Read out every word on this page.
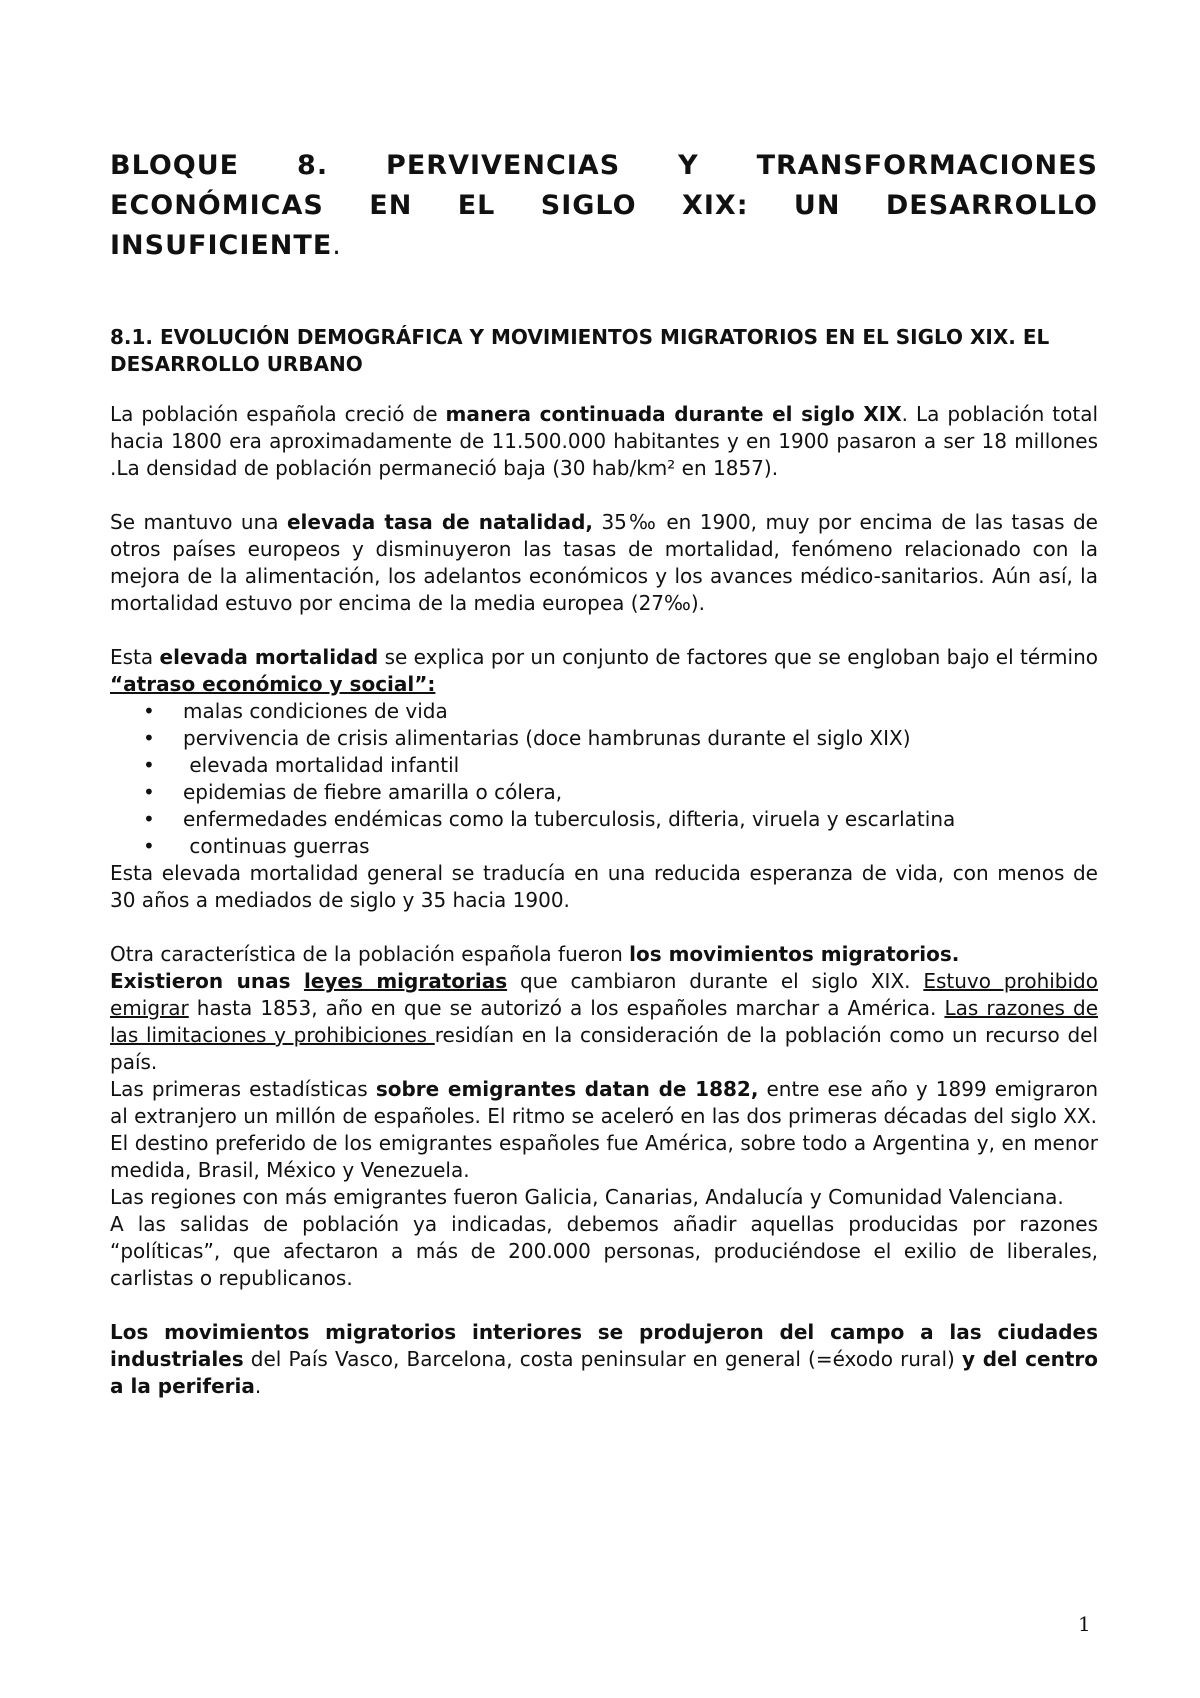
BLOQUE 8. PERVIVENCIAS Y TRANSFORMACIONES ECONÓMICAS EN EL SIGLO XIX: UN DESARROLLO INSUFICIENTE.
8.1. EVOLUCIÓN DEMOGRÁFICA Y MOVIMIENTOS MIGRATORIOS EN EL SIGLO XIX. EL DESARROLLO URBANO

La población española creció de manera continuada durante el siglo XIX. La población total hacia 1800 era aproximadamente de 11.500.000 habitantes y en 1900 pasaron a ser 18 millones .La densidad de población permaneció baja (30 hab/km² en 1857).

Se mantuvo una elevada tasa de natalidad, 35‰ en 1900, muy por encima de las tasas de otros países europeos y disminuyeron las tasas de mortalidad, fenómeno relacionado con la mejora de la alimentación, los adelantos económicos y los avances médico-sanitarios. Aún así, la mortalidad estuvo por encima de la media europea (27‰).

Esta elevada mortalidad se explica por un conjunto de factores que se engloban bajo el término “atraso económico y social”:

• malas condiciones de vida
• pervivencia de crisis alimentarias (doce hambrunas durante el siglo XIX)
• elevada mortalidad infantil
• epidemias de fiebre amarilla o cólera,
• enfermedades endémicas como la tuberculosis, difteria, viruela y escarlatina
• continuas guerras

Esta elevada mortalidad general se traducía en una reducida esperanza de vida, con menos de 30 años a mediados de siglo y 35 hacia 1900.

Otra característica de la población española fueron los movimientos migratorios.

Existieron unas leyes migratorias que cambiaron durante el siglo XIX. Estuvo prohibido emigrar hasta 1853, año en que se autorizó a los españoles marchar a América. Las razones de las limitaciones y prohibiciones residían en la consideración de la población como un recurso del país.

Las primeras estadísticas sobre emigrantes datan de 1882, entre ese año y 1899 emigraron al extranjero un millón de españoles. El ritmo se aceleró en las dos primeras décadas del siglo XX.

El destino preferido de los emigrantes españoles fue América, sobre todo a Argentina y, en menor medida, Brasil, México y Venezuela.

Las regiones con más emigrantes fueron Galicia, Canarias, Andalucía y Comunidad Valenciana.

A las salidas de población ya indicadas, debemos añadir aquellas producidas por razones “políticas”, que afectaron a más de 200.000 personas, produciéndose el exilio de liberales, carlistas o republicanos.

Los movimientos migratorios interiores se produjeron del campo a las ciudades industriales del País Vasco, Barcelona, costa peninsular en general (=éxodo rural) y del centro a la periferia.

1
